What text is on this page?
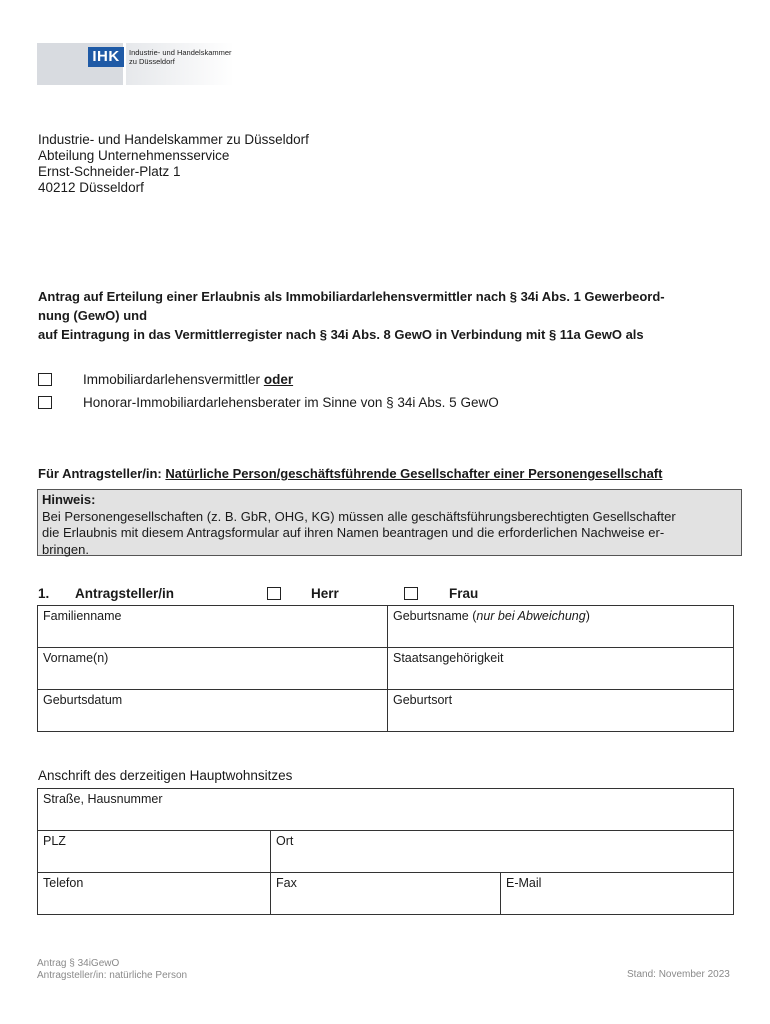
IHK	Industrie- und Handelskammer
zu Düsseldorf
Industrie- und Handelskammer zu Düsseldorf
Abteilung Unternehmensservice
Ernst-Schneider-Platz 1
40212 Düsseldorf
Antrag auf Erteilung einer Erlaubnis als Immobiliardarlehensvermittler nach § 34i Abs. 1 Gewerbeord-
nung (GewO) und
auf Eintragung in das Vermittlerregister nach § 34i Abs. 8 GewO in Verbindung mit § 11a GewO als
Immobiliardarlehensvermittler oder
Honorar-Immobiliardarlehensberater im Sinne von § 34i Abs. 5 GewO
Für Antragsteller/in: Natürliche Person/geschäftsführende Gesellschafter einer Personengesellschaft
Hinweis:
Bei Personengesellschaften (z. B. GbR, OHG, KG) müssen alle geschäftsführungsberechtigten Gesellschafter
die Erlaubnis mit diesem Antragsformular auf ihren Namen beantragen und die erforderlichen Nachweise er-
bringen.
1. Antragsteller/in	Herr	Frau
Familienname	Geburtsname (nur bei Abweichung)
Vorname(n)	Staatsangehörigkeit
Geburtsdatum	Geburtsort
Anschrift des derzeitigen Hauptwohnsitzes
Straße, Hausnummer		
PLZ	Ort	
Telefon	Fax	E-Mail
Antrag § 34iGewO
Antragsteller/in: natürliche Person	Stand: November 2023
